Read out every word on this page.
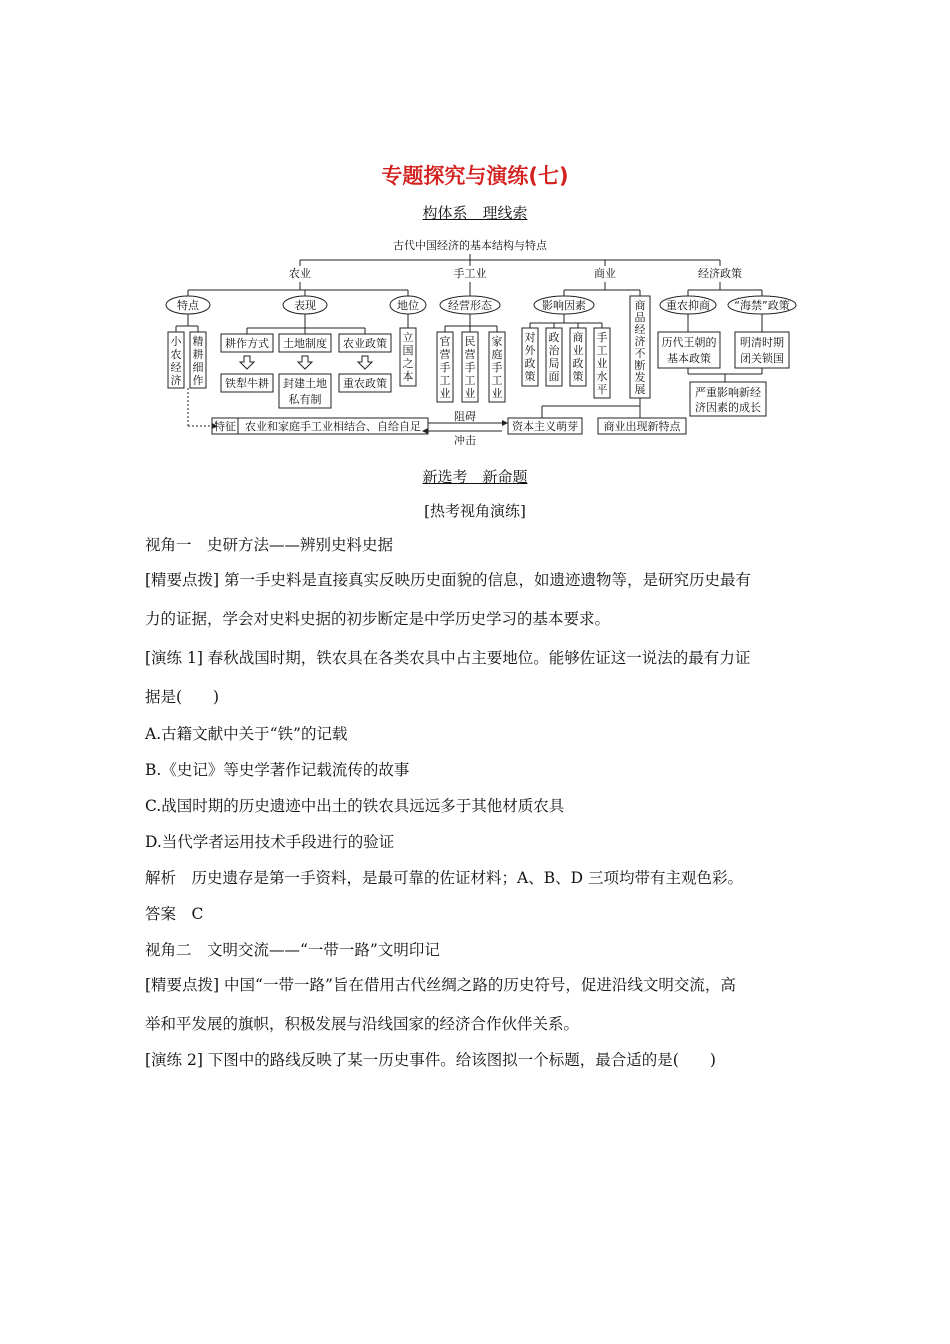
专题探究与演练(七)
构体系　理线索
古代中国经济的基本结构与特点
农业	手工业	商业	经济政策
特点	表现	地位	经营形态	影响因素	重农抑商 “海禁”政策
小
农
经
济
精
耕
细
作
耕作方式 土地制度 农业政策
铁犁牛耕 封建土地
私有制
重农政策
立
国
之
本
官
营
手
工
业
民
营
手
工
业
家
庭
手
工
业
对
外
政
策
政
治
局
面
商
业
政
策
手
工
业
水
平
商
品
经
济
不
断
发
展
历代王朝的
基本政策
明清时期
闭关锁国
严重影响新经
济因素的成长
特征 农业和家庭手工业相结合、自给自足
阻碍
冲击
资本主义萌芽 商业出现新特点
新选考　新命题
[热考视角演练]
视角一　史研方法——辨别史料史据
[精要点拨] 第一手史料是直接真实反映历史面貌的信息，如遗迹遗物等，是研究历史最有
力的证据，学会对史料史据的初步断定是中学历史学习的基本要求。
[演练 1] 春秋战国时期，铁农具在各类农具中占主要地位。能够佐证这一说法的最有力证
据是(　　)
A.古籍文献中关于“铁”的记载
B.《史记》等史学著作记载流传的故事
C.战国时期的历史遗迹中出土的铁农具远远多于其他材质农具
D.当代学者运用技术手段进行的验证
解析　历史遗存是第一手资料，是最可靠的佐证材料；A、B、D 三项均带有主观色彩。
答案　C
视角二　文明交流——“一带一路”文明印记
[精要点拨] 中国“一带一路”旨在借用古代丝绸之路的历史符号，促进沿线文明交流，高
举和平发展的旗帜，积极发展与沿线国家的经济合作伙伴关系。
[演练 2] 下图中的路线反映了某一历史事件。给该图拟一个标题，最合适的是(　　)
